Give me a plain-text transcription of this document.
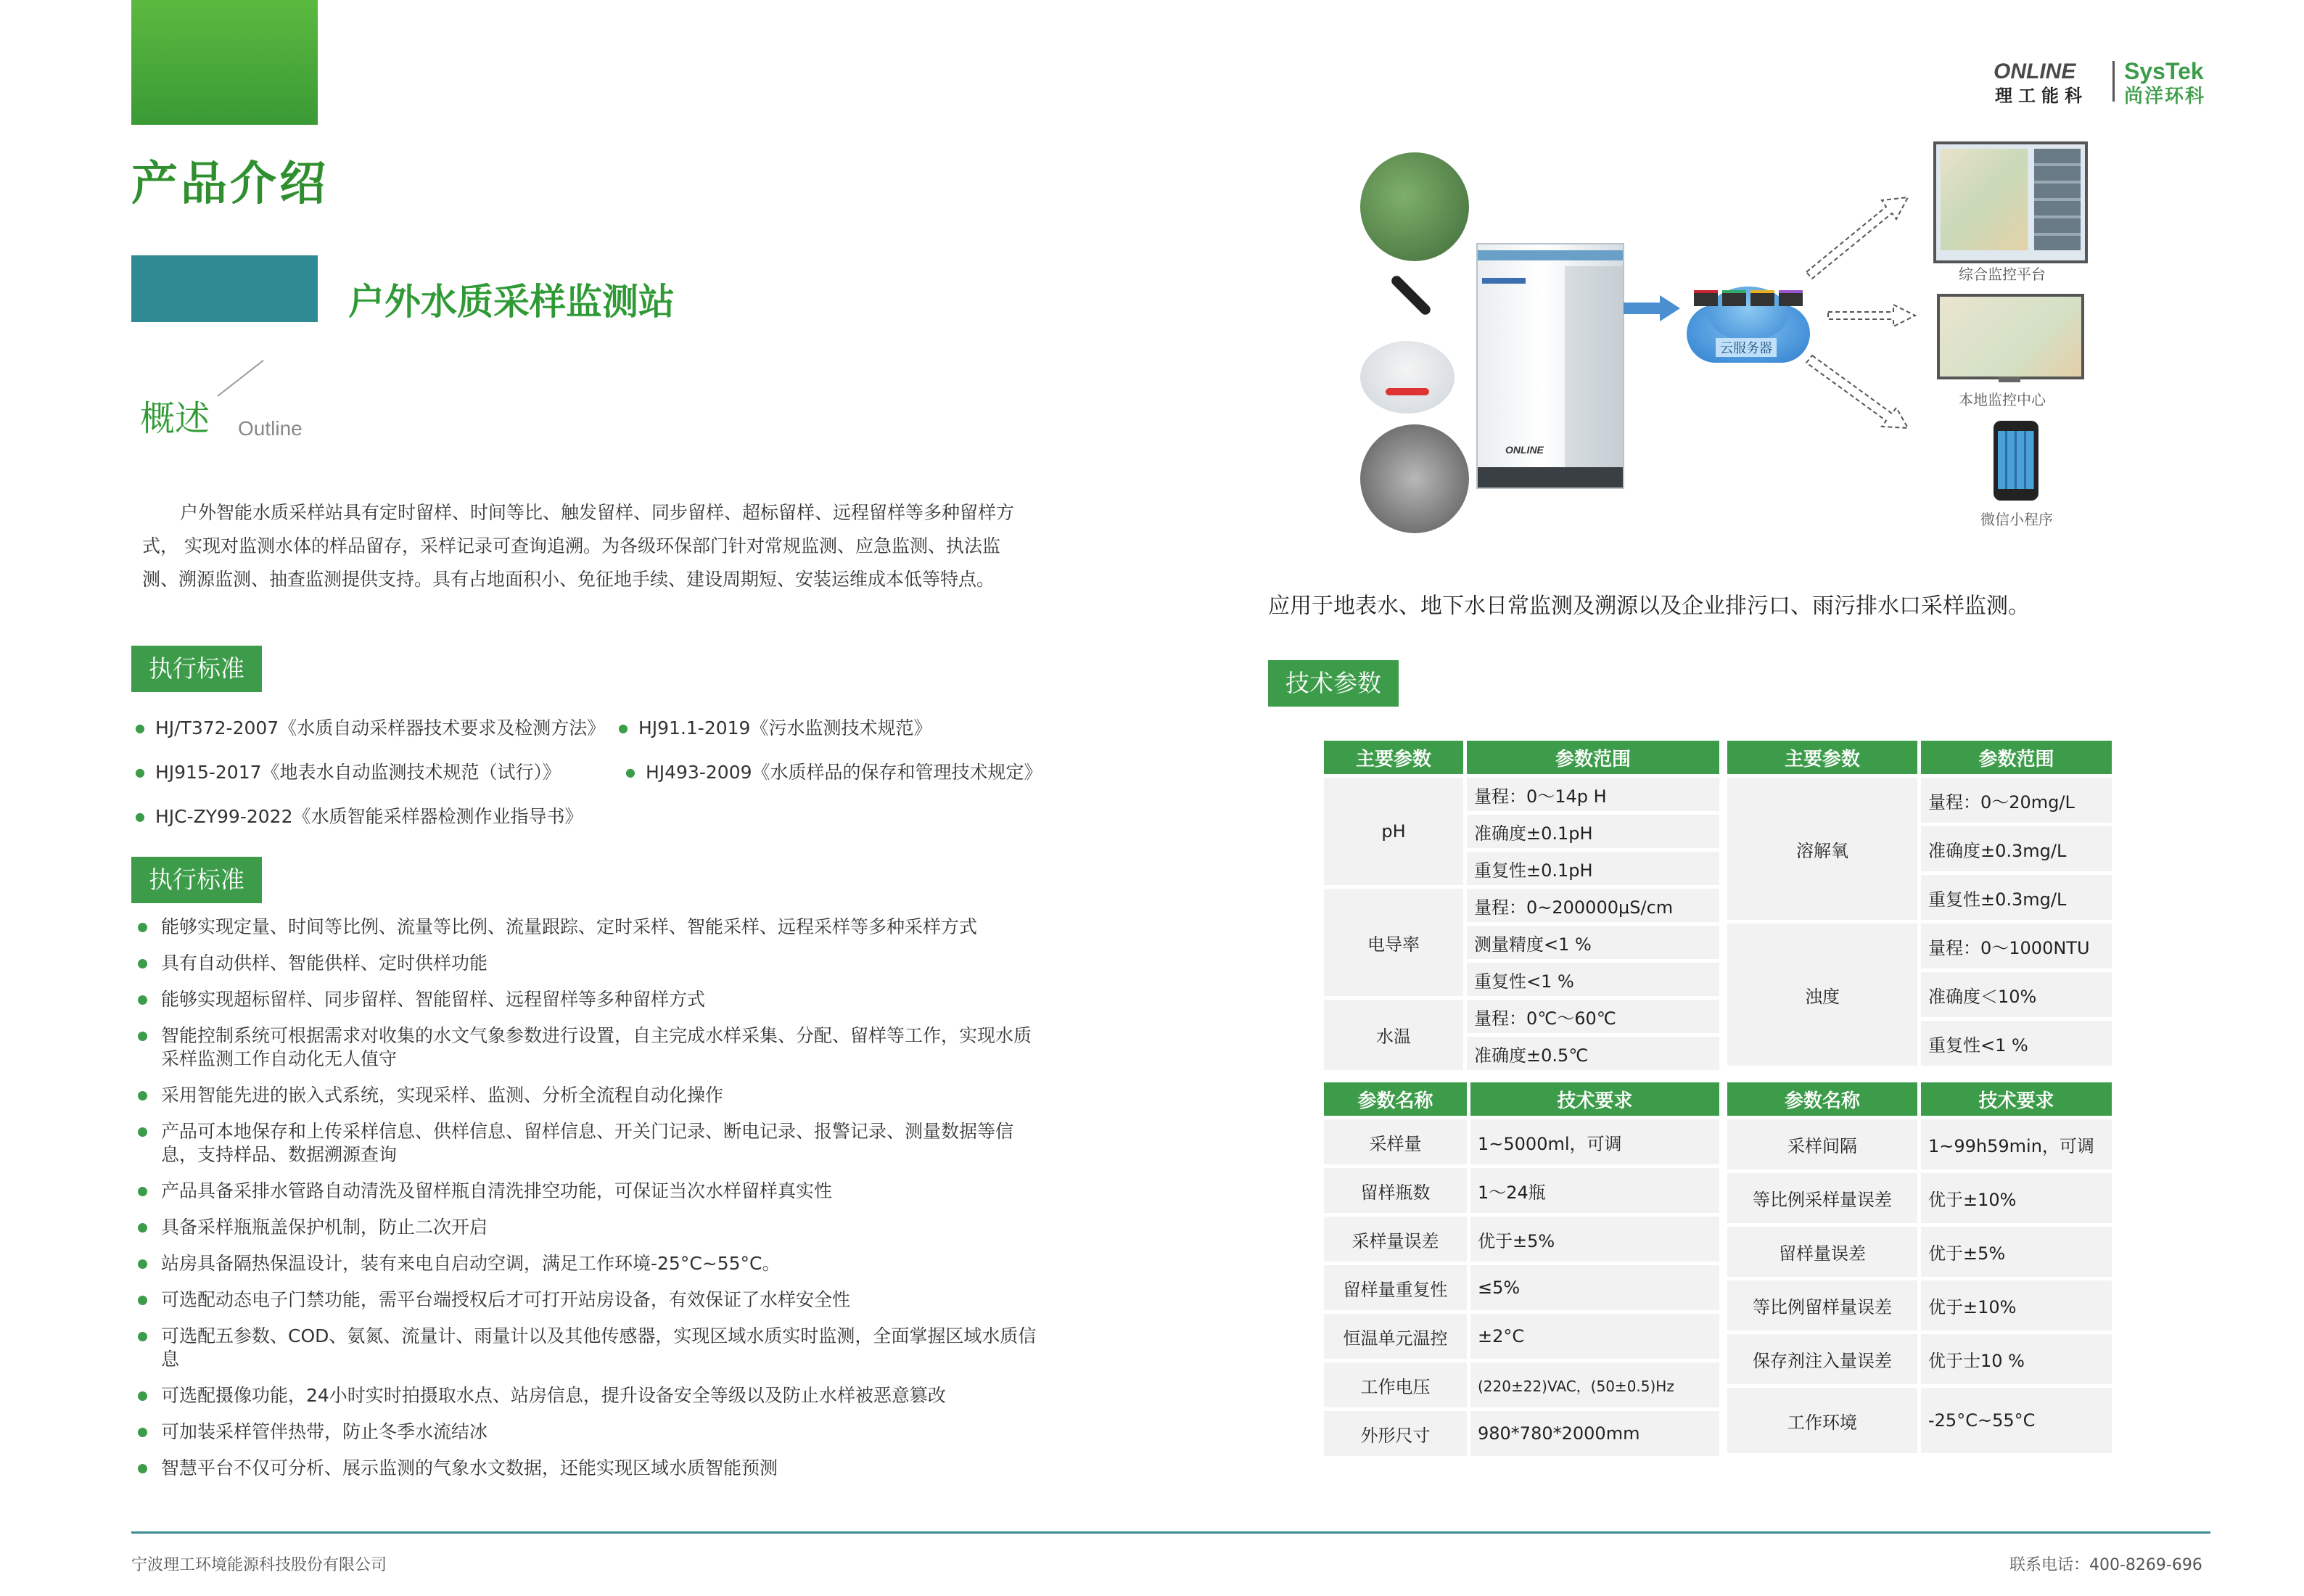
产品介绍
户外水质采样监测站
概述 Outline
ONLINE
理工能科
SysTek
尚洋环科
户外智能水质采样站具有定时留样、时间等比、触发留样、同步留样、超标留样、远程留样等多种留样方式， 实现对监测水体的样品留存，采样记录可查询追溯。为各级环保部门针对常规监测、应急监测、执法监测、溯源监测、抽查监测提供支持。具有占地面积小、免征地手续、建设周期短、安装运维成本低等特点。
执行标准
● HJ/T372-2007《水质自动采样器技术要求及检测方法》	● HJ91.1-2019《污水监测技术规范》
● HJ915-2017《地表水自动监测技术规范（试行）》	● HJ493-2009《水质样品的保存和管理技术规定》
● HJC-ZY99-2022《水质智能采样器检测作业指导书》
执行标准
能够实现定量、时间等比例、流量等比例、流量跟踪、定时采样、智能采样、远程采样等多种采样方式
具有自动供样、智能供样、定时供样功能
能够实现超标留样、同步留样、智能留样、远程留样等多种留样方式
智能控制系统可根据需求对收集的水文气象参数进行设置，自主完成水样采集、分配、留样等工作，实现水质采样监测工作自动化无人值守
采用智能先进的嵌入式系统，实现采样、监测、分析全流程自动化操作
产品可本地保存和上传采样信息、供样信息、留样信息、开关门记录、断电记录、报警记录、测量数据等信息，支持样品、数据溯源查询
产品具备采排水管路自动清洗及留样瓶自清洗排空功能，可保证当次水样留样真实性
具备采样瓶瓶盖保护机制，防止二次开启
站房具备隔热保温设计，装有来电自启动空调，满足工作环境-25°C~55°C。
可选配动态电子门禁功能，需平台端授权后才可打开站房设备，有效保证了水样安全性
可选配五参数、COD、氨氮、流量计、雨量计以及其他传感器，实现区域水质实时监测，全面掌握区域水质信息
可选配摄像功能，24小时实时拍摄取水点、站房信息，提升设备安全等级以及防止水样被恶意篡改
可加装采样管伴热带，防止冬季水流结冰
智慧平台不仅可分析、展示监测的气象水文数据，还能实现区域水质智能预测
ONLINE
云服务器
综合监控平台
本地监控中心
微信小程序
应用于地表水、地下水日常监测及溯源以及企业排污口、雨污排水口采样监测。
技术参数
主要参数	参数范围
pH	量程：0～14p H
	准确度±0.1pH
	重复性±0.1pH
电导率	量程：0~200000μS/cm
	测量精度<1 %
	重复性<1 %
水温	量程：0℃～60℃
	准确度±0.5℃
主要参数	参数范围
溶解氧	量程：0～20mg/L
	准确度±0.3mg/L
	重复性±0.3mg/L
浊度	量程：0～1000NTU
	准确度＜10%
	重复性<1 %
参数名称	技术要求
采样量	1~5000ml，可调
留样瓶数	1～24瓶
采样量误差	优于±5%
留样量重复性	≤5%
恒温单元温控	±2°C
工作电压	(220±22)VAC，(50±0.5)Hz
外形尺寸	980*780*2000mm
参数名称	技术要求
采样间隔	1~99h59min，可调
等比例采样量误差	优于±10%
留样量误差	优于±5%
等比例留样量误差	优于±10%
保存剂注入量误差	优于士10 %
工作环境	-25°C~55°C
宁波理工环境能源科技股份有限公司	联系电话：400-8269-696
